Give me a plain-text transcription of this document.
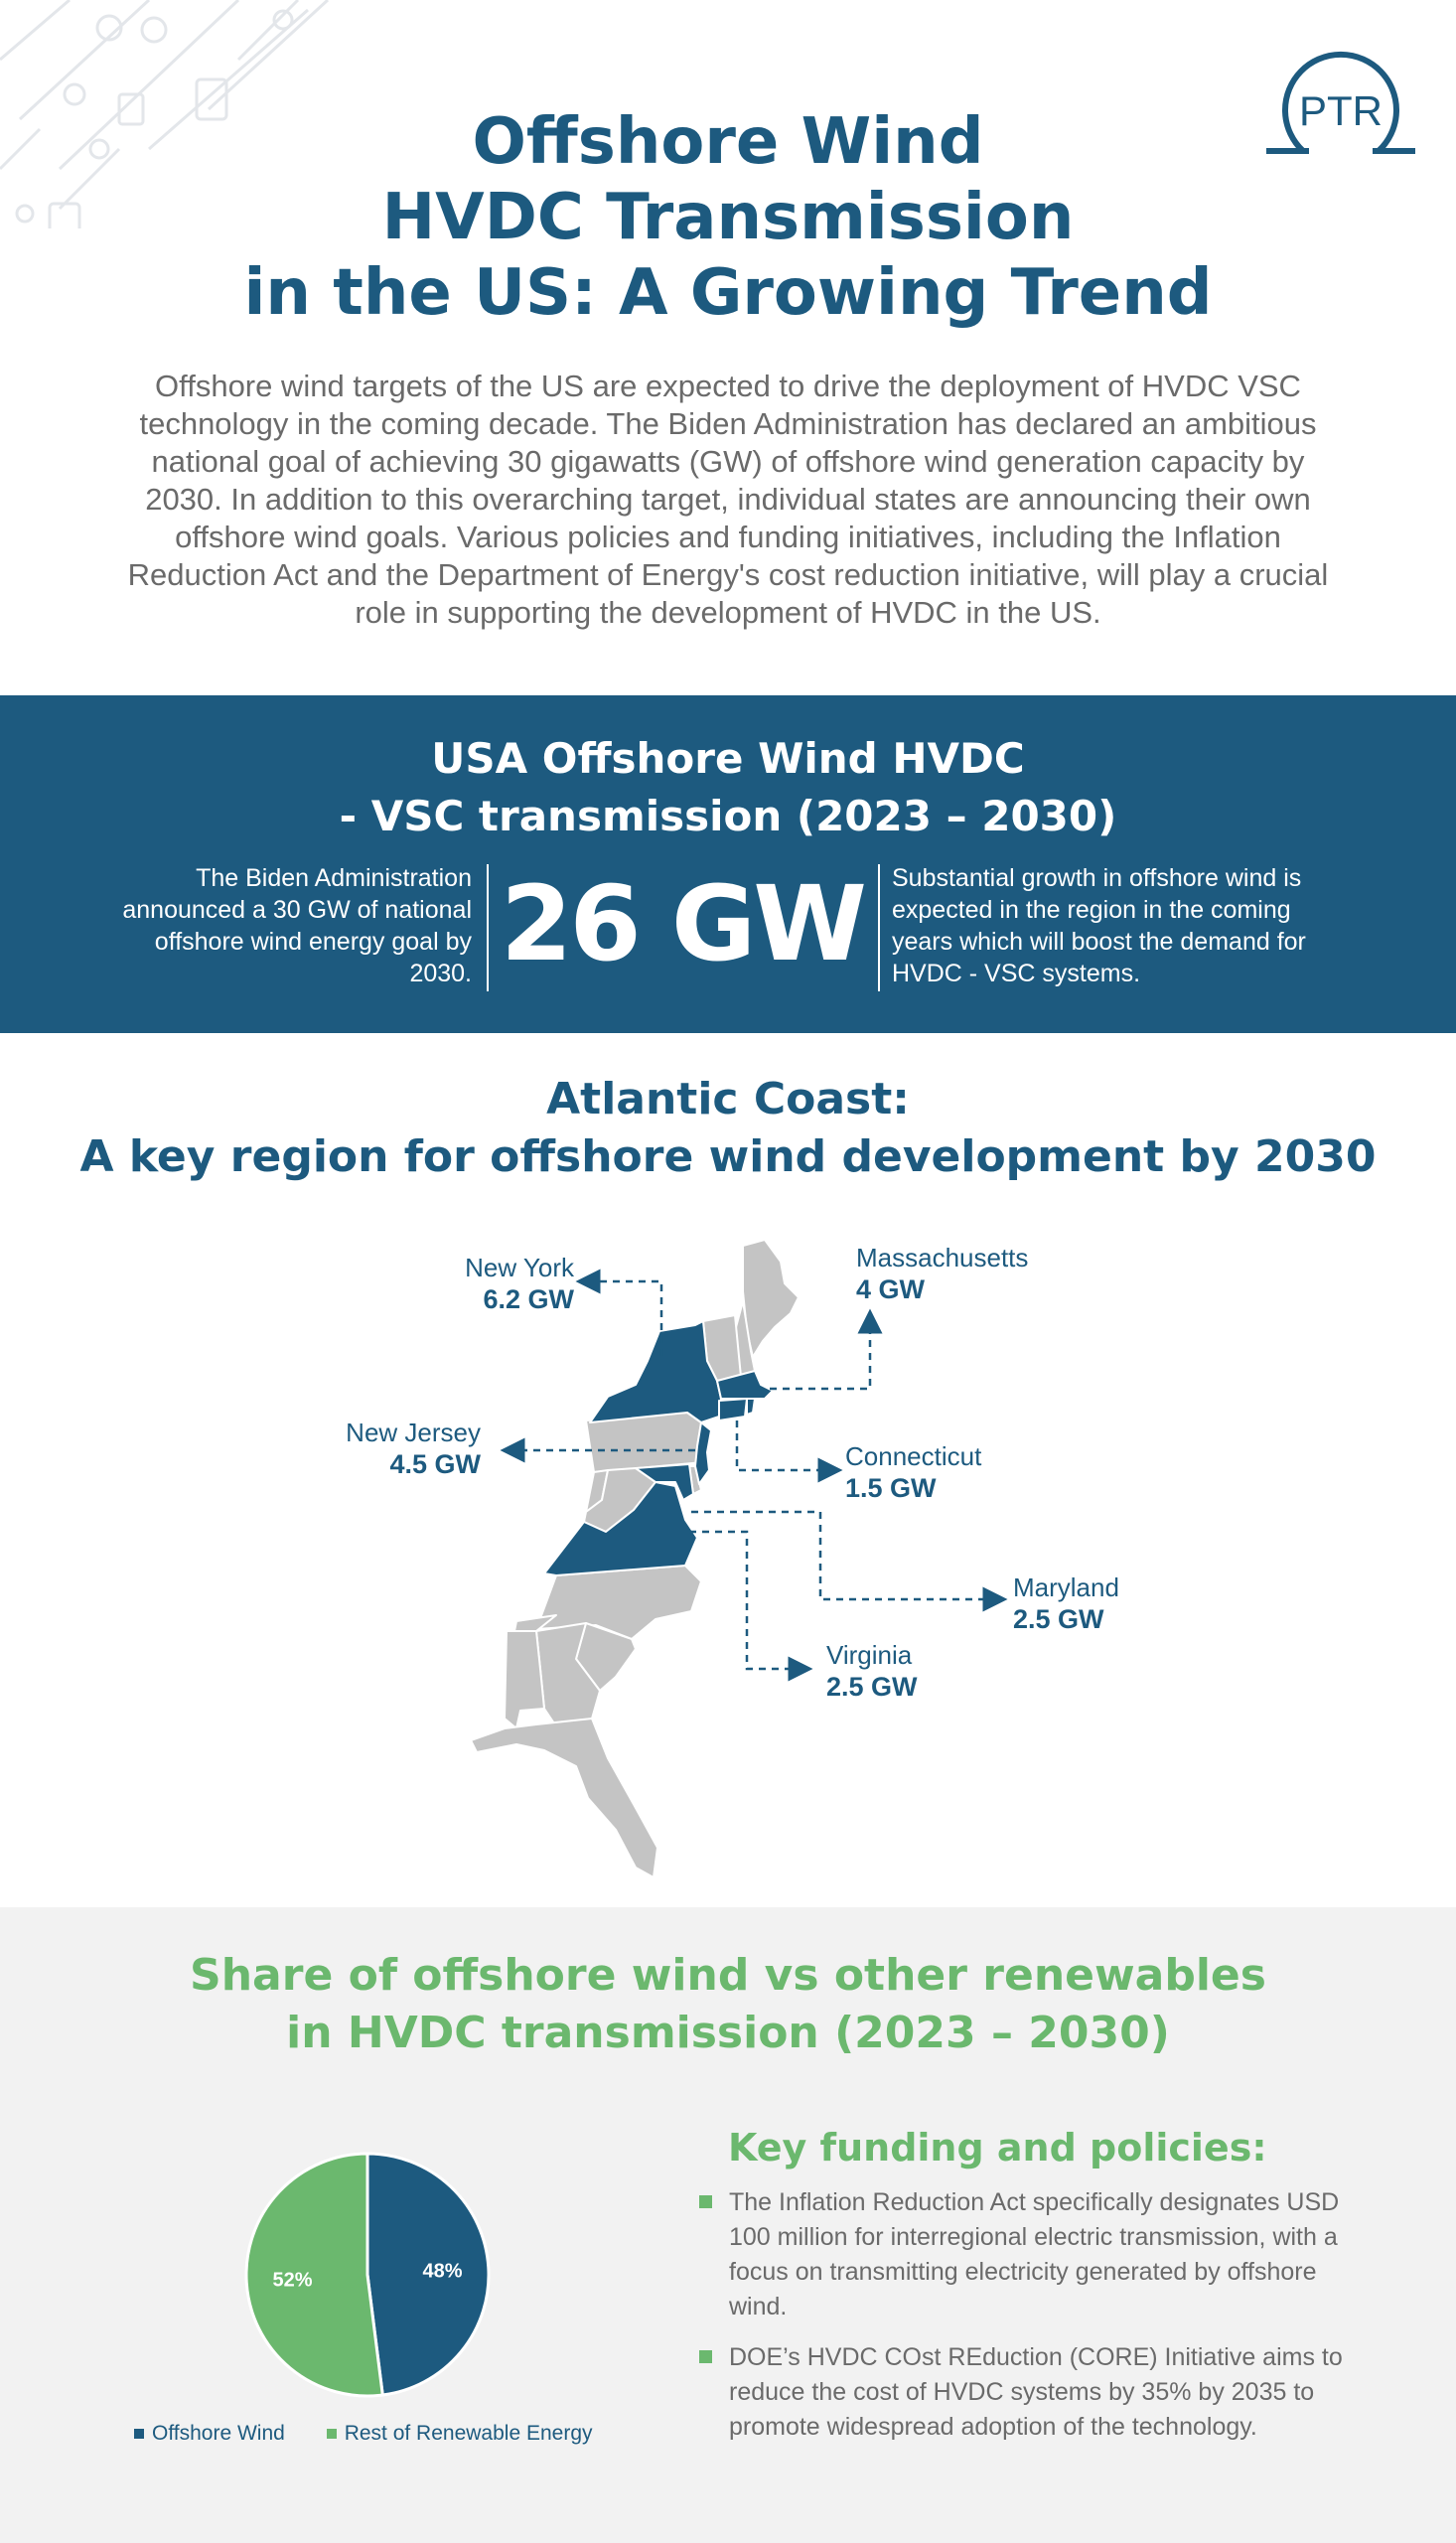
PTR
Offshore Wind
HVDC Transmission
in the US: A Growing Trend

Offshore wind targets of the US are expected to drive the deployment of HVDC VSC technology in the coming decade. The Biden Administration has declared an ambitious national goal of achieving 30 gigawatts (GW) of offshore wind generation capacity by 2030. In addition to this overarching target, individual states are announcing their own offshore wind goals. Various policies and funding initiatives, including the Inflation Reduction Act and the Department of Energy's cost reduction initiative, will play a crucial role in supporting the development of HVDC in the US.

USA Offshore Wind HVDC
- VSC transmission (2023 – 2030)
The Biden Administration announced a 30 GW of national offshore wind energy goal by 2030. 26 GW	Substantial growth in offshore wind is expected in the region in the coming years which will boost the demand for HVDC - VSC systems.
Atlantic Coast:
A key region for offshore wind development by 2030
New York
6.2 GW
Massachusetts
4 GW
New Jersey
4.5 GW	Connecticut
1.5 GW
Maryland
2.5 GW
Virginia
2.5 GW
Share of offshore wind vs other renewables
in HVDC transmission (2023 – 2030)
48%
52%
Offshore Wind	Rest of Renewable Energy
Key funding and policies:
The Inflation Reduction Act specifically designates USD 100 million for interregional electric transmission, with a focus on transmitting electricity generated by offshore wind.
DOE’s HVDC COst REduction (CORE) Initiative aims to reduce the cost of HVDC systems by 35% by 2035 to promote widespread adoption of the technology.
